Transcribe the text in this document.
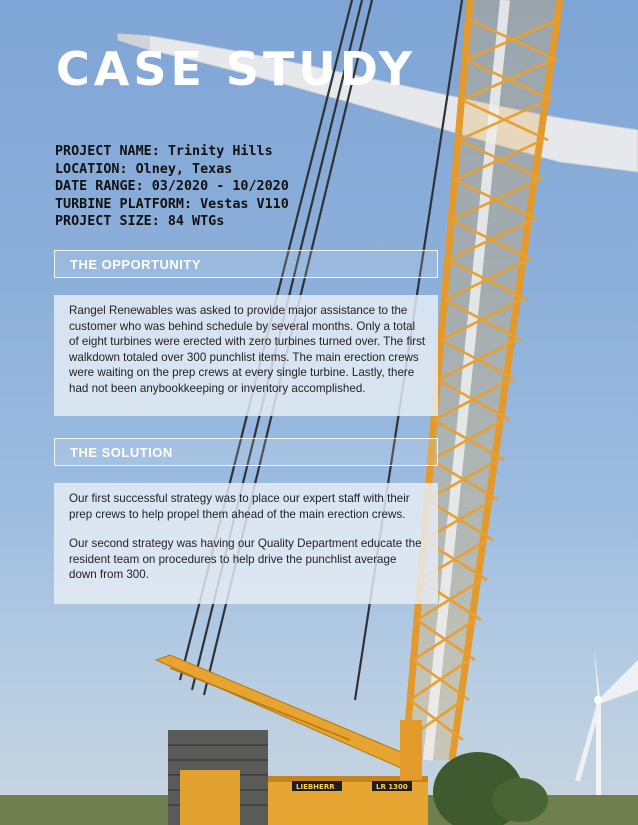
LIEBHERR	LR 1300
CASE STUDY
PROJECT NAME: Trinity Hills
LOCATION: Olney, Texas
DATE RANGE: 03/2020 - 10/2020
TURBINE PLATFORM: Vestas V110
PROJECT SIZE: 84 WTGs
THE OPPORTUNITY

Rangel Renewables was asked to provide major assistance to the customer who was behind schedule by several months. Only a total of eight turbines were erected with zero turbines turned over. The first walkdown totaled over 300 punchlist items. The main erection crews were waiting on the prep crews at every single turbine. Lastly, there had not been anybookkeeping or inventory accomplished.

THE SOLUTION

Our first successful strategy was to place our expert staff with their prep crews to help propel them ahead of the main erection crews.

Our second strategy was having our Quality Department educate the resident team on procedures to help drive the punchlist average down from 300.
